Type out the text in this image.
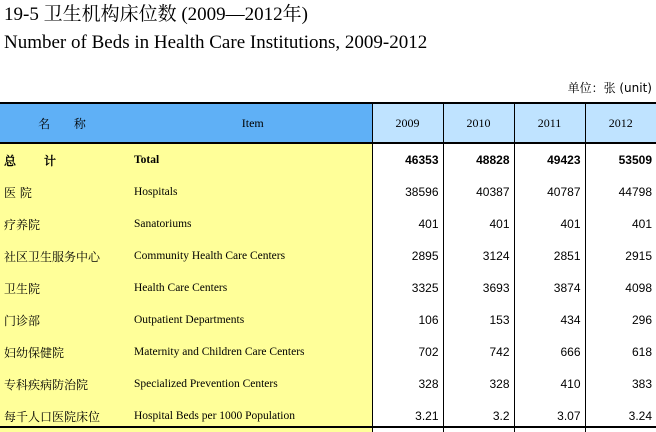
19-5 卫生机构床位数 (2009—2012年)
Number of Beds in Health Care Institutions, 2009-2012
单位：张 (unit)
名 称	Item	2009	2010	2011	2012
总计	Total	46353	48828	49423	53509
医 院	Hospitals	38596	40387	40787	44798
疗养院	Sanatoriums	401	401	401	401
社区卫生服务中心	Community Health Care Centers	2895	3124	2851	2915
卫生院	Health Care Centers	3325	3693	3874	4098
门诊部	Outpatient Departments	106	153	434	296
妇幼保健院	Maternity and Children Care Centers	702	742	666	618
专科疾病防治院	Specialized Prevention Centers	328	328	410	383
每千人口医院床位	Hospital Beds per 1000 Population	3.21	3.2	3.07	3.24
